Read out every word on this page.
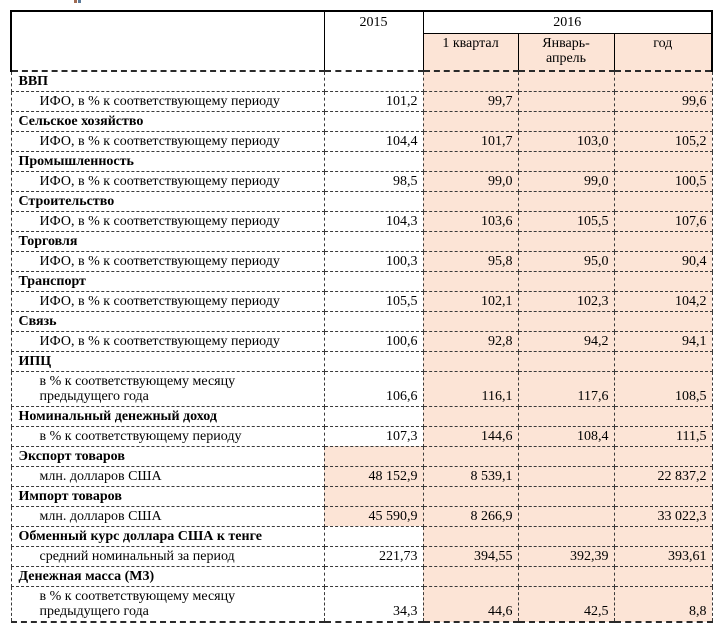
	2015	2016		
		1 квартал	Январь-апрель	год
ВВП				
ИФО, в % к соответствующему периоду	101,2	99,7		99,6
Сельское хозяйство				
ИФО, в % к соответствующему периоду	104,4	101,7	103,0	105,2
Промышленность				
ИФО, в % к соответствующему периоду	98,5	99,0	99,0	100,5
Строительство				
ИФО, в % к соответствующему периоду	104,3	103,6	105,5	107,6
Торговля				
ИФО, в % к соответствующему периоду	100,3	95,8	95,0	90,4
Транспорт				
ИФО, в % к соответствующему периоду	105,5	102,1	102,3	104,2
Связь				
ИФО, в % к соответствующему периоду	100,6	92,8	94,2	94,1
ИПЦ				
в % к соответствующему месяцу
предыдущего года	106,6	116,1	117,6	108,5
Номинальный денежный доход				
в % к соответствующему периоду	107,3	144,6	108,4	111,5
Экспорт товаров				
млн. долларов США	48 152,9	8 539,1		22 837,2
Импорт товаров				
млн. долларов США	45 590,9	8 266,9		33 022,3
Обменный курс доллара США к тенге				
средний номинальный за период	221,73	394,55	392,39	393,61
Денежная масса (М3)				
в % к соответствующему месяцу
предыдущего года	34,3	44,6	42,5	8,8
